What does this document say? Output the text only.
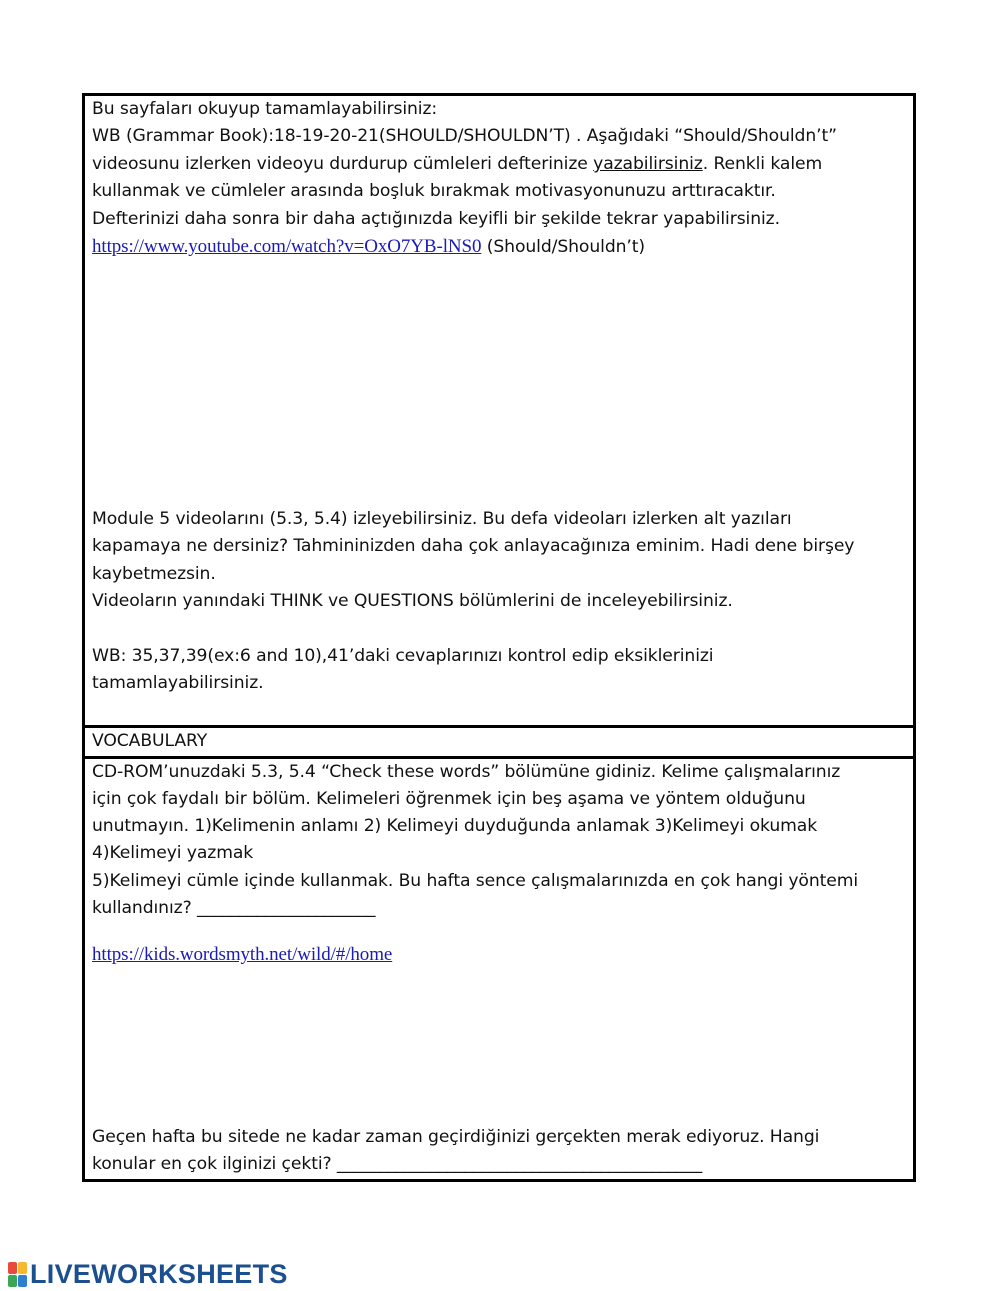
Bu sayfaları okuyup tamamlayabilirsiniz:
WB (Grammar Book):18-19-20-21(SHOULD/SHOULDN’T) . Aşağıdaki “Should/Shouldn’t”
videosunu izlerken videoyu durdurup cümleleri defterinize yazabilirsiniz. Renkli kalem
kullanmak ve cümleler arasında boşluk bırakmak motivasyonunuzu arttıracaktır.
Defterinizi daha sonra bir daha açtığınızda keyifli bir şekilde tekrar yapabilirsiniz.
https://www.youtube.com/watch?v=OxO7YB-lNS0 (Should/Shouldn’t)
Module 5 videolarını (5.3, 5.4) izleyebilirsiniz. Bu defa videoları izlerken alt yazıları
kapamaya ne dersiniz? Tahmininizden daha çok anlayacağınıza eminim. Hadi dene birşey
kaybetmezsin.
Videoların yanındaki THINK ve QUESTIONS bölümlerini de inceleyebilirsiniz.
WB: 35,37,39(ex:6 and 10),41’daki cevaplarınızı kontrol edip eksiklerinizi
tamamlayabilirsiniz.
VOCABULARY
CD-ROM’unuzdaki 5.3, 5.4 “Check these words” bölümüne gidiniz. Kelime çalışmalarınız
için çok faydalı bir bölüm. Kelimeleri öğrenmek için beş aşama ve yöntem olduğunu
unutmayın. 1)Kelimenin anlamı 2) Kelimeyi duyduğunda anlamak 3)Kelimeyi okumak
4)Kelimeyi yazmak
5)Kelimeyi cümle içinde kullanmak. Bu hafta sence çalışmalarınızda en çok hangi yöntemi
kullandınız? _____________________
https://kids.wordsmyth.net/wild/#/home
Geçen hafta bu sitede ne kadar zaman geçirdiğinizi gerçekten merak ediyoruz. Hangi
konular en çok ilginizi çekti? ___________________________________________
LIVEWORKSHEETS
